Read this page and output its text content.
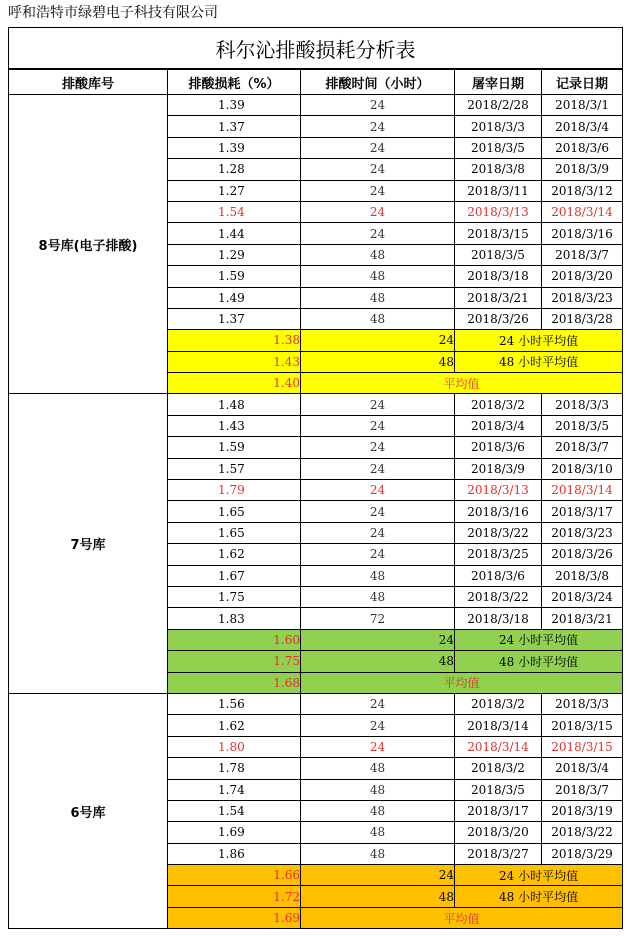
呼和浩特市绿碧电子科技有限公司
科尔沁排酸损耗分析表				
排酸库号	排酸损耗（%）	排酸时间（小时）	屠宰日期	记录日期
8号库(电子排酸)	1.39	24	2018/2/28	2018/3/1
	1.37	24	2018/3/3	2018/3/4
	1.39	24	2018/3/5	2018/3/6
	1.28	24	2018/3/8	2018/3/9
	1.27	24	2018/3/11	2018/3/12
	1.54	24	2018/3/13	2018/3/14
	1.44	24	2018/3/15	2018/3/16
	1.29	48	2018/3/5	2018/3/7
	1.59	48	2018/3/18	2018/3/20
	1.49	48	2018/3/21	2018/3/23
	1.37	48	2018/3/26	2018/3/28
	1.38	24	24 小时平均值	
	1.43	48	48 小时平均值	
	1.40	平均值		
7号库	1.48	24	2018/3/2	2018/3/3
	1.43	24	2018/3/4	2018/3/5
	1.59	24	2018/3/6	2018/3/7
	1.57	24	2018/3/9	2018/3/10
	1.79	24	2018/3/13	2018/3/14
	1.65	24	2018/3/16	2018/3/17
	1.65	24	2018/3/22	2018/3/23
	1.62	24	2018/3/25	2018/3/26
	1.67	48	2018/3/6	2018/3/8
	1.75	48	2018/3/22	2018/3/24
	1.83	72	2018/3/18	2018/3/21
	1.60	24	24 小时平均值	
	1.75	48	48 小时平均值	
	1.68	平均值		
6号库	1.56	24	2018/3/2	2018/3/3
	1.62	24	2018/3/14	2018/3/15
	1.80	24	2018/3/14	2018/3/15
	1.78	48	2018/3/2	2018/3/4
	1.74	48	2018/3/5	2018/3/7
	1.54	48	2018/3/17	2018/3/19
	1.69	48	2018/3/20	2018/3/22
	1.86	48	2018/3/27	2018/3/29
	1.66	24	24 小时平均值	
	1.72	48	48 小时平均值	
	1.69	平均值		
